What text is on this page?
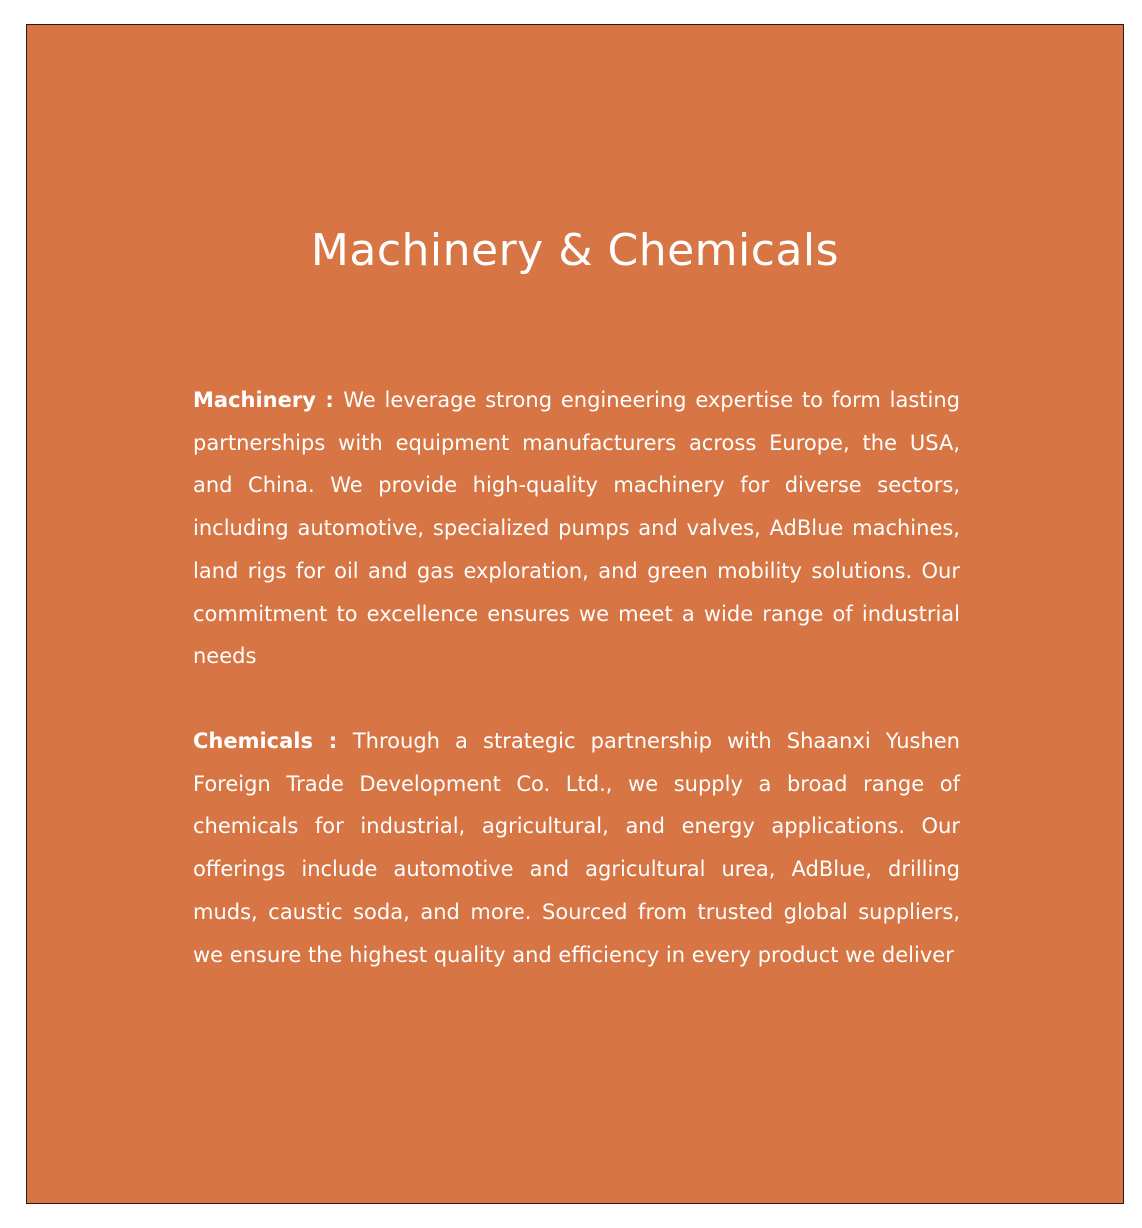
Machinery & Chemicals

Machinery : We leverage strong engineering expertise to form lasting partnerships with equipment manufacturers across Europe, the USA, and China. We provide high-quality machinery for diverse sectors, including automotive, specialized pumps and valves, AdBlue machines, land rigs for oil and gas exploration, and green mobility solutions. Our commitment to excellence ensures we meet a wide range of industrial needs

Chemicals : Through a strategic partnership with Shaanxi Yushen Foreign Trade Development Co. Ltd., we supply a broad range of chemicals for industrial, agricultural, and energy applications. Our offerings include automotive and agricultural urea, AdBlue, drilling muds, caustic soda, and more. Sourced from trusted global suppliers, we ensure the highest quality and efficiency in every product we deliver
